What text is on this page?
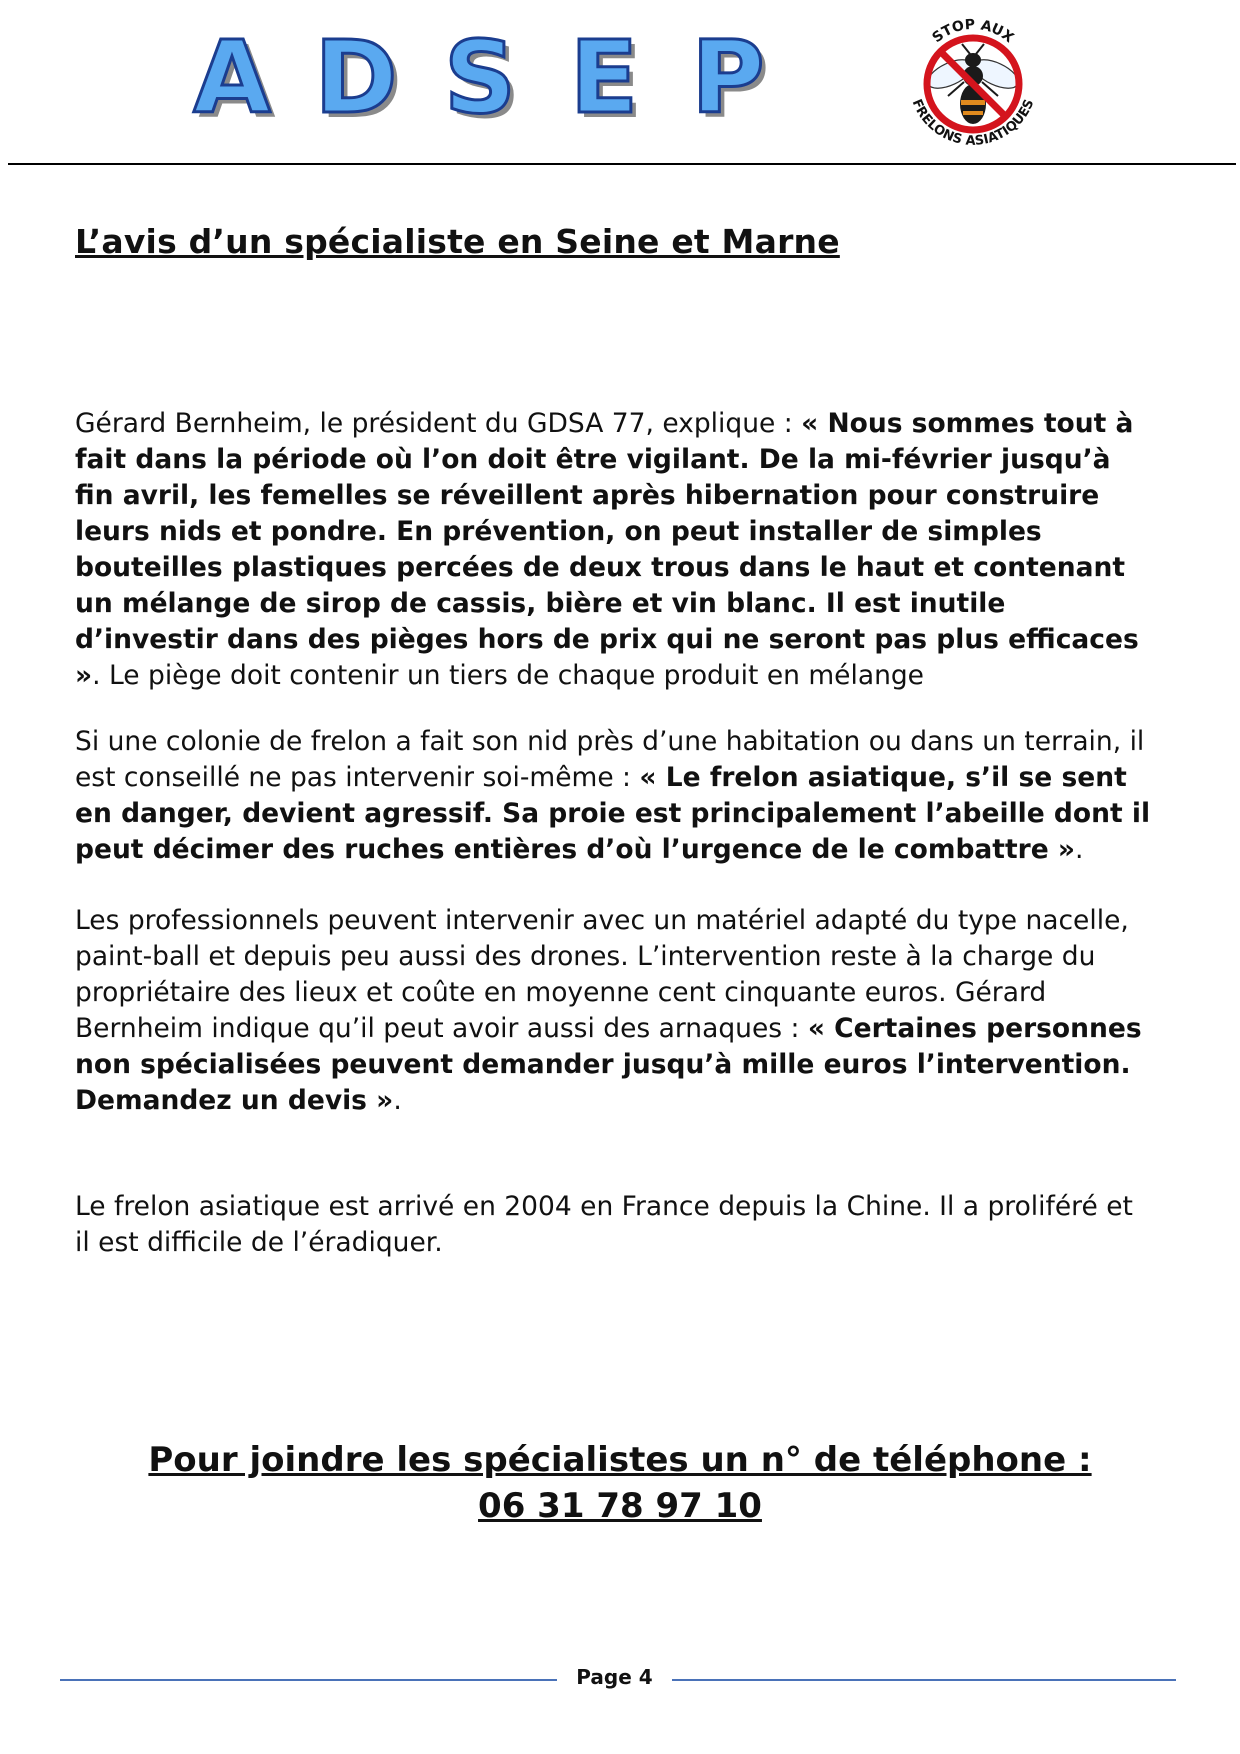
A D S E P	STOP AUX
FRELONS ASIATIQUES
L’avis d’un spécialiste en Seine et Marne
Gérard Bernheim, le président du GDSA 77, explique : « Nous sommes tout à fait dans la période où l’on doit être vigilant. De la mi-février jusqu’à fin avril, les femelles se réveillent après hibernation pour construire leurs nids et pondre. En prévention, on peut installer de simples bouteilles plastiques percées de deux trous dans le haut et contenant un mélange de sirop de cassis, bière et vin blanc. Il est inutile d’investir dans des pièges hors de prix qui ne seront pas plus efficaces ». Le piège doit contenir un tiers de chaque produit en mélange
Si une colonie de frelon a fait son nid près d’une habitation ou dans un terrain, il est conseillé ne pas intervenir soi-même : « Le frelon asiatique, s’il se sent en danger, devient agressif. Sa proie est principalement l’abeille dont il peut décimer des ruches entières d’où l’urgence de le combattre ».
Les professionnels peuvent intervenir avec un matériel adapté du type nacelle, paint-ball et depuis peu aussi des drones. L’intervention reste à la charge du propriétaire des lieux et coûte en moyenne cent cinquante euros. Gérard Bernheim indique qu’il peut avoir aussi des arnaques : « Certaines personnes non spécialisées peuvent demander jusqu’à mille euros l’intervention. Demandez un devis ».
Le frelon asiatique est arrivé en 2004 en France depuis la Chine. Il a proliféré et il est difficile de l’éradiquer.
Pour joindre les spécialistes un n° de téléphone :
06 31 78 97 10
Page 4
